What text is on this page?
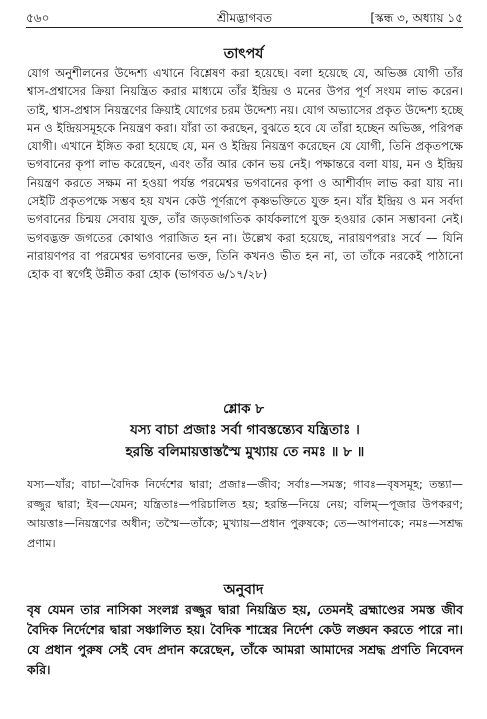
৫৬০	শ্রীমদ্ভাগবত	[স্কন্ধ ৩, অধ্যায় ১৫
তাৎপর্য

যোগ অনুশীলনের উদ্দেশ্য এখানে বিশ্লেষণ করা হয়েছে। বলা হয়েছে যে, অভিজ্ঞ যোগী তাঁর শ্বাস-প্রশ্বাসের ক্রিয়া নিয়ন্ত্রিত করার মাধ্যমে তাঁর ইন্দ্রিয় ও মনের উপর পূর্ণ সংযম লাভ করেন। তাই, শ্বাস-প্রশ্বাস নিয়ন্ত্রণের ক্রিয়াই যোগের চরম উদ্দেশ্য নয়। যোগ অভ্যাসের প্রকৃত উদ্দেশ্য হচ্ছে মন ও ইন্দ্রিয়সমূহকে নিয়ন্ত্রণ করা। যাঁরা তা করছেন, বুঝতে হবে যে তাঁরা হচ্ছেন অভিজ্ঞ, পরিপক্ব যোগী। এখানে ইঙ্গিত করা হয়েছে যে, মন ও ইন্দ্রিয় নিয়ন্ত্রণ করেছেন যে যোগী, তিনি প্রকৃতপক্ষে ভগবানের কৃপা লাভ করেছেন, এবং তাঁর আর কোন ভয় নেই। পক্ষান্তরে বলা যায়, মন ও ইন্দ্রিয় নিয়ন্ত্রণ করতে সক্ষম না হওয়া পর্যন্ত পরমেশ্বর ভগবানের কৃপা ও আশীর্বাদ লাভ করা যায় না। সেইটি প্রকৃতপক্ষে সম্ভব হয় যখন কেউ পূর্ণরূপে কৃষ্ণভক্তিতে যুক্ত হন। যাঁর ইন্দ্রিয় ও মন সর্বদা ভগবানের চিন্ময় সেবায় যুক্ত, তাঁর জড়জাগতিক কার্যকলাপে যুক্ত হওয়ার কোন সম্ভাবনা নেই। ভগবদ্ভক্ত জগতের কোথাও পরাজিত হন না। উল্লেখ করা হয়েছে, নারায়ণপরাঃ সর্বে — যিনি নারায়ণপর বা পরমেশ্বর ভগবানের ভক্ত, তিনি কখনও ভীত হন না, তা তাঁকে নরকেই পাঠানো হোক বা স্বর্গেই উন্নীত করা হোক (ভাগবত ৬/১৭/২৮)

শ্লোক ৮
যস্য বাচা প্রজাঃ সর্বা গাবস্তন্ত্যেব যন্ত্রিতাঃ ।
হরন্তি বলিমায়ত্তাস্তস্মৈ মুখ্যায় তে নমঃ ॥ ৮ ॥
যস্য—যাঁর; বাচা—বৈদিক নির্দেশের দ্বারা; প্রজাঃ—জীব; সর্বাঃ—সমস্ত; গাবঃ—বৃষসমূহ; তন্ত্যা—রজ্জুর দ্বারা; ইব—যেমন; যন্ত্রিতাঃ—পরিচালিত হয়; হরন্তি—নিয়ে নেয়; বলিম্—পূজার উপকরণ; আয়ত্তাঃ—নিয়ন্ত্রণের অধীন; তস্মৈ—তাঁকে; মুখ্যায়—প্রধান পুরুষকে; তে—আপনাকে; নমঃ—সশ্রদ্ধ প্রণাম।
অনুবাদ
বৃষ যেমন তার নাসিকা সংলগ্ন রজ্জুর দ্বারা নিয়ন্ত্রিত হয়, তেমনই ব্রহ্মাণ্ডের সমস্ত জীব বৈদিক নির্দেশের দ্বারা সঞ্চালিত হয়। বৈদিক শাস্ত্রের নির্দেশ কেউ লঙ্ঘন করতে পারে না। যে প্রধান পুরুষ সেই বেদ প্রদান করেছেন, তাঁকে আমরা আমাদের সশ্রদ্ধ প্রণতি নিবেদন করি।
